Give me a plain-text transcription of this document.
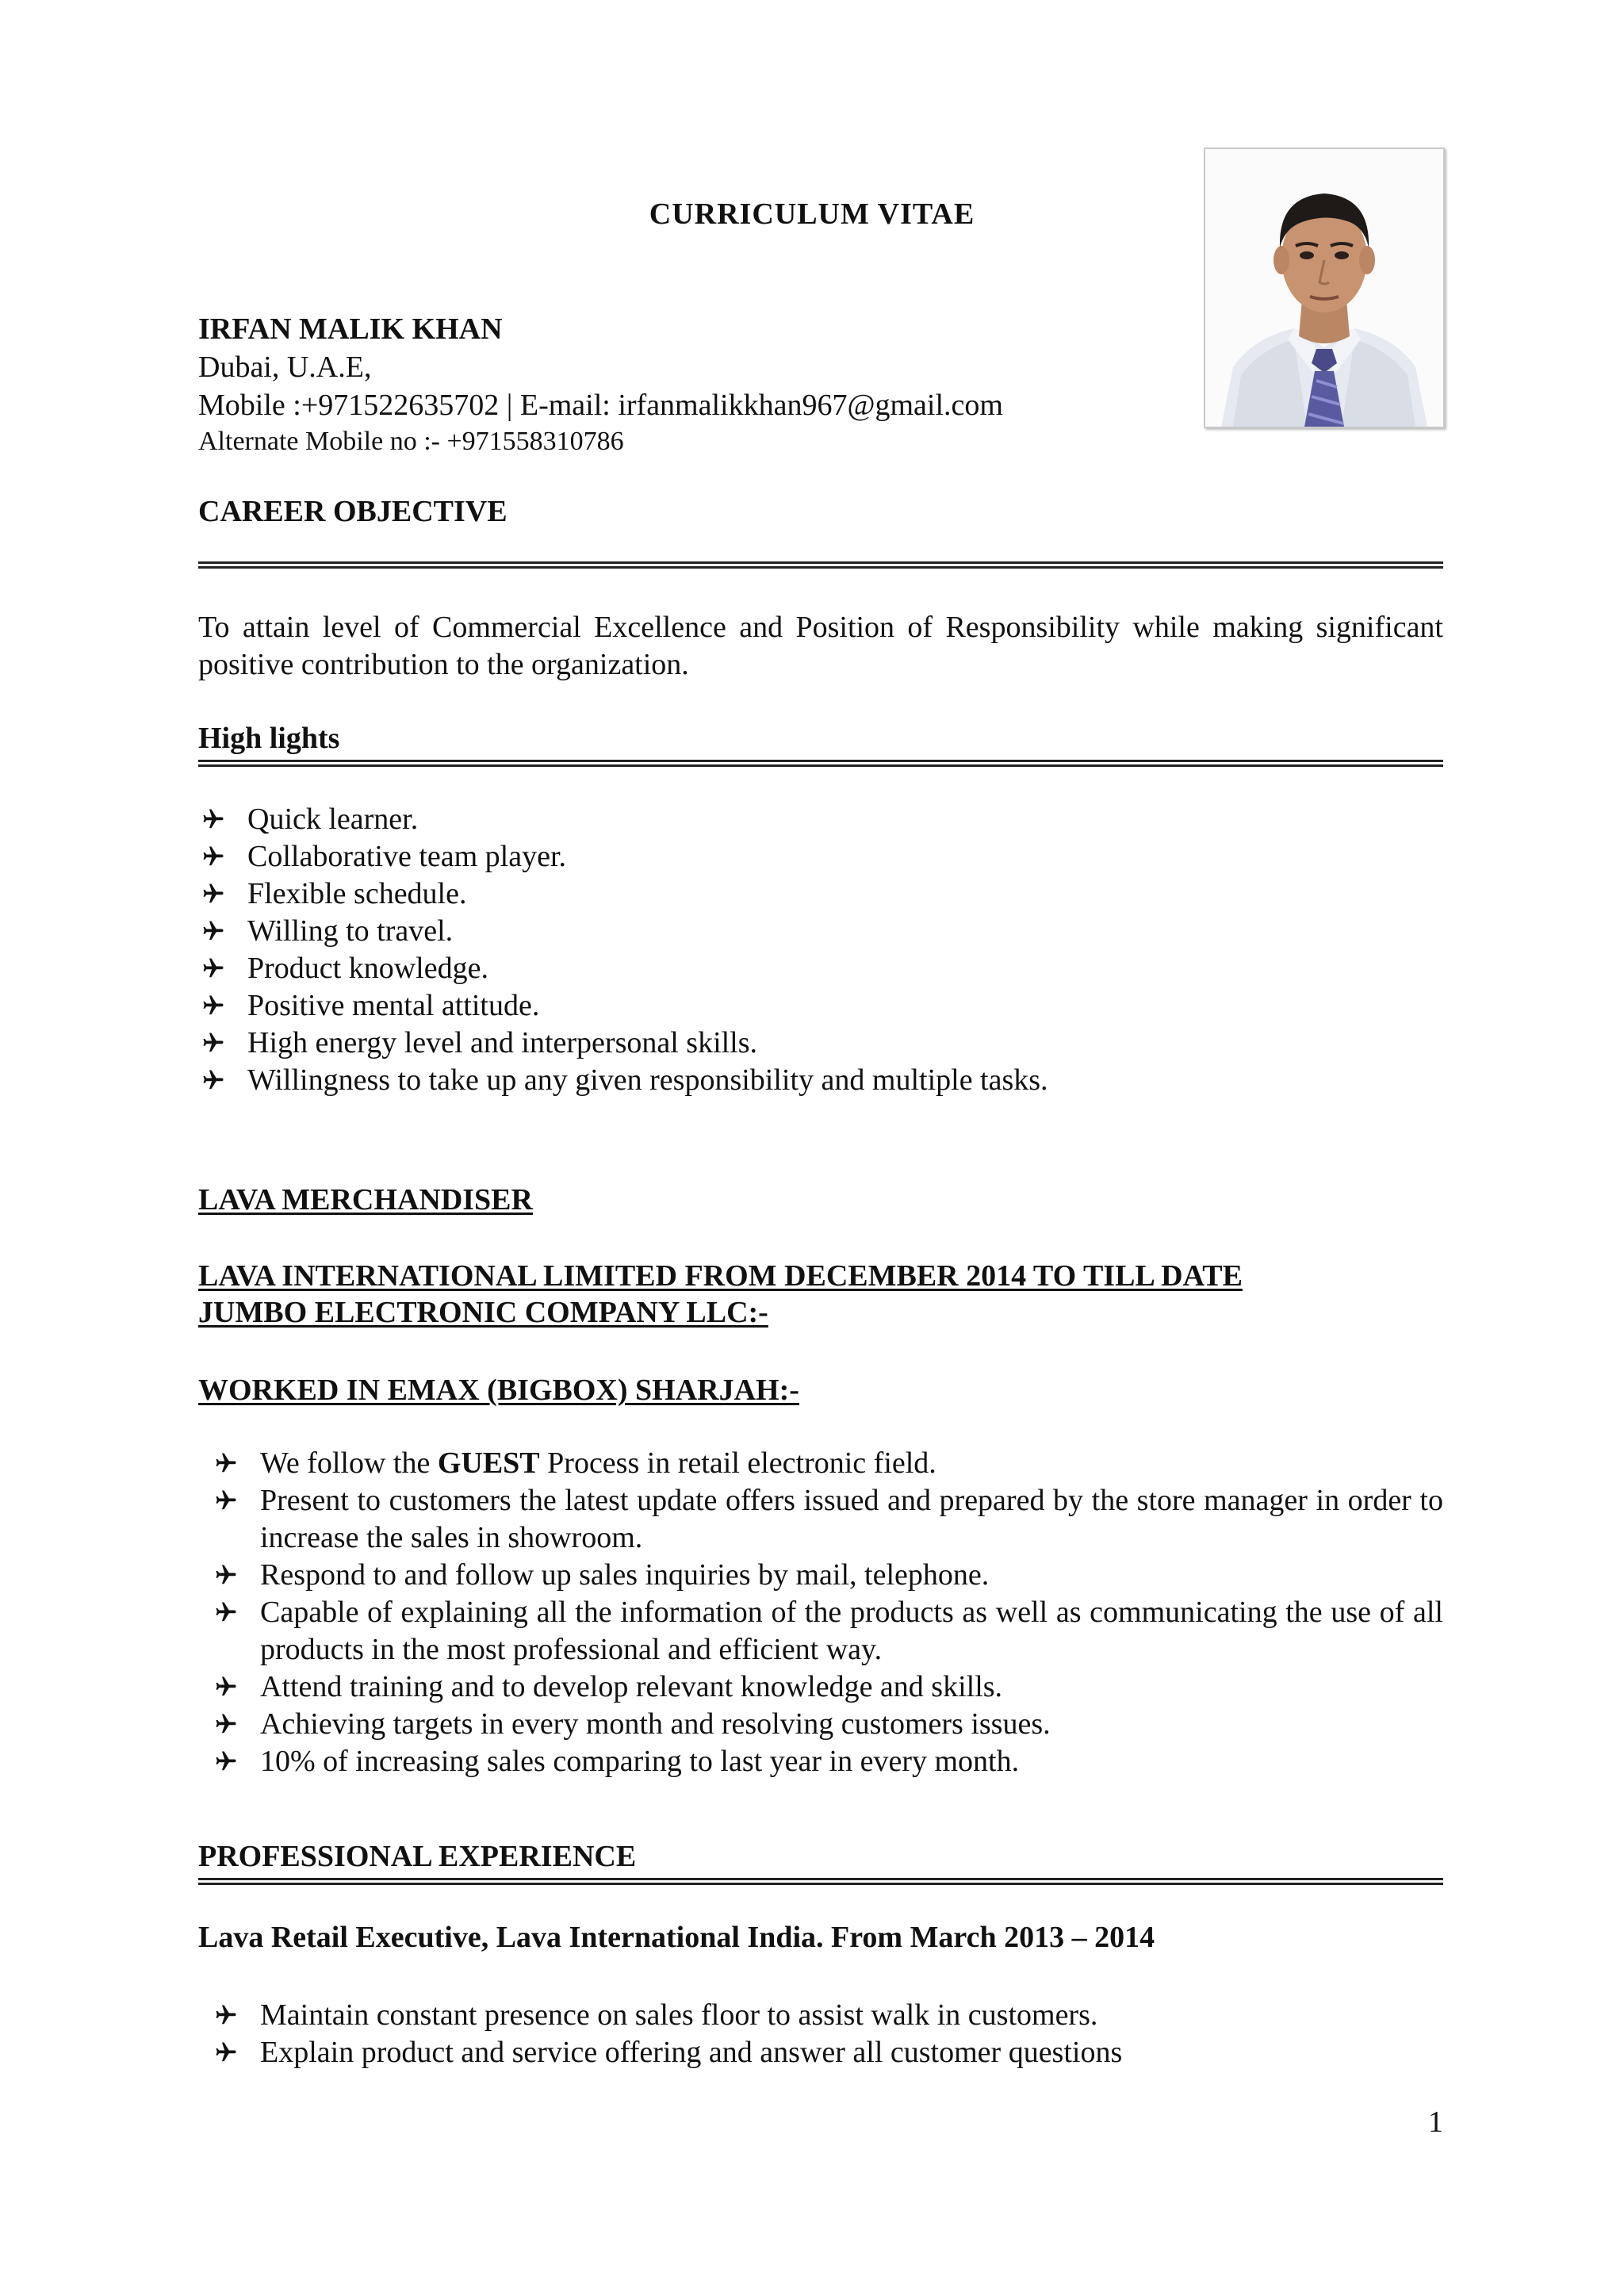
CURRICULUM VITAE
IRFAN MALIK KHAN
Dubai, U.A.E,
Mobile :+971522635702 | E-mail: irfanmalikkhan967@gmail.com
Alternate Mobile no :- +971558310786
CAREER OBJECTIVE
To attain level of Commercial Excellence and Position of Responsibility while making significant positive contribution to the organization.
High lights
Quick learner.
Collaborative team player.
Flexible schedule.
Willing to travel.
Product knowledge.
Positive mental attitude.
High energy level and interpersonal skills.
Willingness to take up any given responsibility and multiple tasks.
LAVA MERCHANDISER
LAVA INTERNATIONAL LIMITED FROM DECEMBER 2014 TO TILL DATE
JUMBO ELECTRONIC COMPANY LLC:-
WORKED IN EMAX (BIGBOX) SHARJAH:-
We follow the GUEST Process in retail electronic field.
Present to customers the latest update offers issued and prepared by the store manager in order to increase the sales in showroom.
Respond to and follow up sales inquiries by mail, telephone.
Capable of explaining all the information of the products as well as communicating the use of all products in the most professional and efficient way.
Attend training and to develop relevant knowledge and skills.
Achieving targets in every month and resolving customers issues.
10% of increasing sales comparing to last year in every month.
PROFESSIONAL EXPERIENCE
Lava Retail Executive, Lava International India. From March 2013 – 2014
Maintain constant presence on sales floor to assist walk in customers.
Explain product and service offering and answer all customer questions
1
